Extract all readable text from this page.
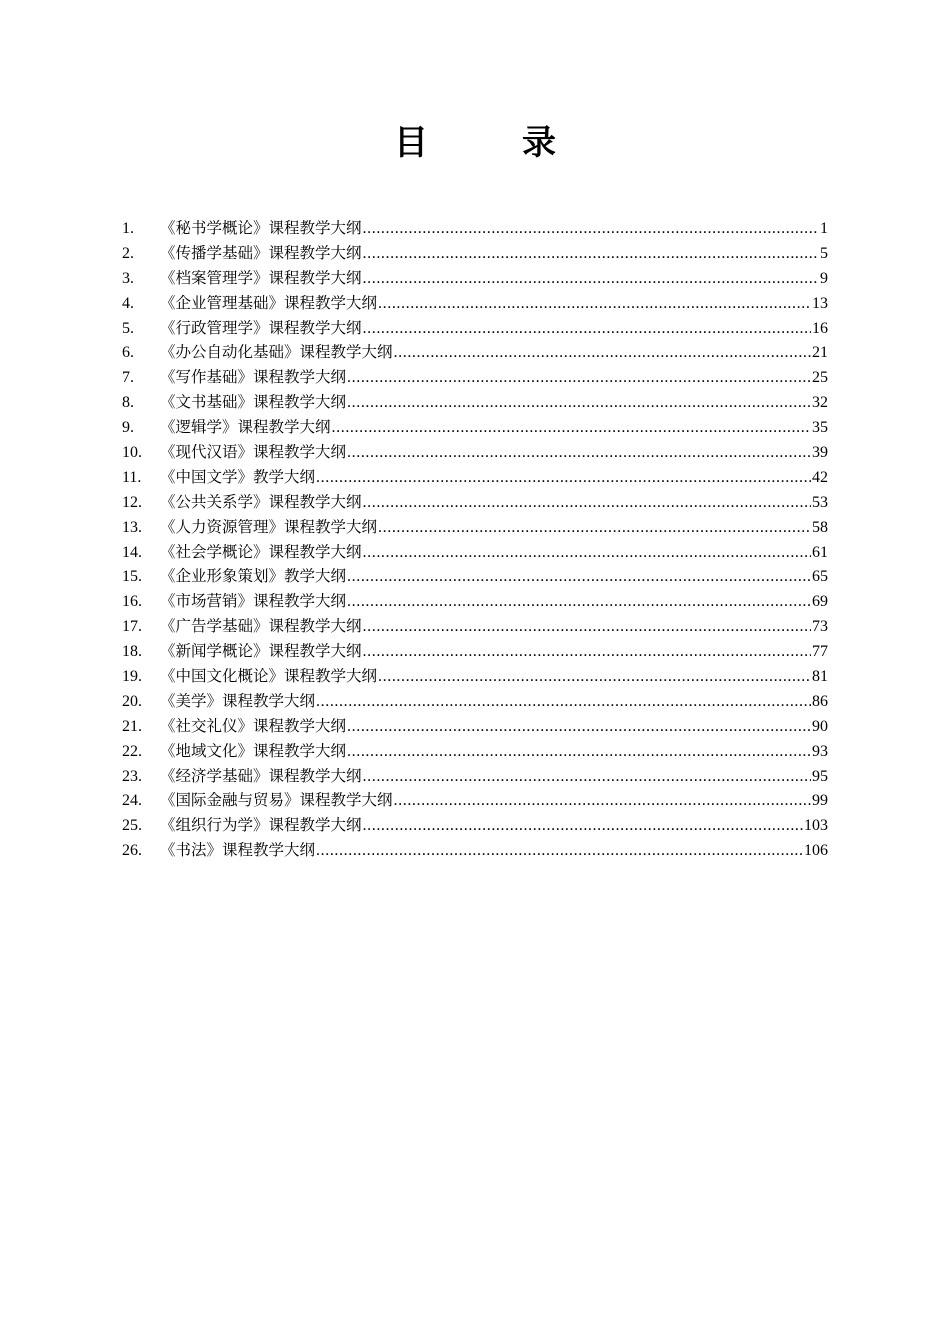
目　录
1.	《秘书学概论》课程教学大纲 .....	1
2.	《传播学基础》课程教学大纲 .....	5
3.	《档案管理学》课程教学大纲 .....	9
4.	《企业管理基础》课程教学大纲 .....	13
5.	《行政管理学》课程教学大纲 .....	16
6.	《办公自动化基础》课程教学大纲 .....	21
7.	《写作基础》课程教学大纲 .....	25
8.	《文书基础》课程教学大纲 .....	32
9.	《逻辑学》课程教学大纲 .....	35
10.	《现代汉语》课程教学大纲 .....	39
11.	《中国文学》教学大纲 .....	42
12.	《公共关系学》课程教学大纲 .....	53
13.	《人力资源管理》课程教学大纲 .....	58
14.	《社会学概论》课程教学大纲 .....	61
15.	《企业形象策划》教学大纲 .....	65
16.	《市场营销》课程教学大纲 .....	69
17.	《广告学基础》课程教学大纲 .....	73
18.	《新闻学概论》课程教学大纲 .....	77
19.	《中国文化概论》课程教学大纲 .....	81
20.	《美学》课程教学大纲 .....	86
21.	《社交礼仪》课程教学大纲 .....	90
22.	《地域文化》课程教学大纲 .....	93
23.	《经济学基础》课程教学大纲 .....	95
24.	《国际金融与贸易》课程教学大纲 .....	99
25.	《组织行为学》课程教学大纲 .....	103
26.	《书法》课程教学大纲 .....	106
